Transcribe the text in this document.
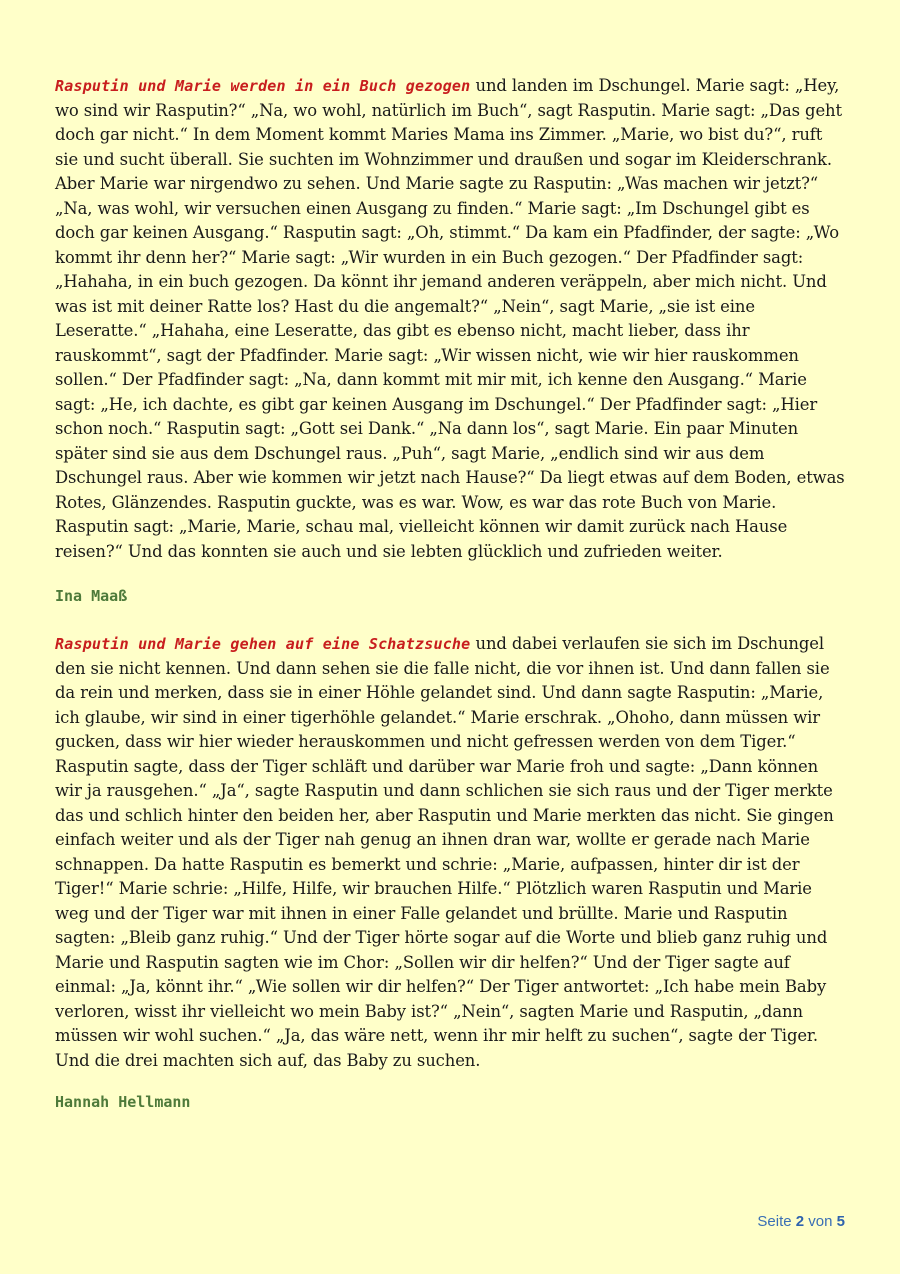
Rasputin und Marie werden in ein Buch gezogen und landen im Dschungel. Marie sagt: „Hey, wo sind wir Rasputin?“ „Na, wo wohl, natürlich im Buch“, sagt Rasputin. Marie sagt: „Das geht doch gar nicht.“ In dem Moment kommt Maries Mama ins Zimmer. „Marie, wo bist du?“, ruft sie und sucht überall. Sie suchten im Wohnzimmer und draußen und sogar im Kleiderschrank. Aber Marie war nirgendwo zu sehen. Und Marie sagte zu Rasputin: „Was machen wir jetzt?“ „Na, was wohl, wir versuchen einen Ausgang zu finden.“ Marie sagt: „Im Dschungel gibt es doch gar keinen Ausgang.“ Rasputin sagt: „Oh, stimmt.“ Da kam ein Pfadfinder, der sagte: „Wo kommt ihr denn her?“ Marie sagt: „Wir wurden in ein Buch gezogen.“ Der Pfadfinder sagt: „Hahaha, in ein buch gezogen. Da könnt ihr jemand anderen veräppeln, aber mich nicht. Und was ist mit deiner Ratte los? Hast du die angemalt?“ „Nein“, sagt Marie, „sie ist eine Leseratte.“ „Hahaha, eine Leseratte, das gibt es ebenso nicht, macht lieber, dass ihr rauskommt“, sagt der Pfadfinder. Marie sagt: „Wir wissen nicht, wie wir hier rauskommen sollen.“ Der Pfadfinder sagt: „Na, dann kommt mit mir mit, ich kenne den Ausgang.“ Marie sagt: „He, ich dachte, es gibt gar keinen Ausgang im Dschungel.“ Der Pfadfinder sagt: „Hier schon noch.“ Rasputin sagt: „Gott sei Dank.“ „Na dann los“, sagt Marie. Ein paar Minuten später sind sie aus dem Dschungel raus. „Puh“, sagt Marie, „endlich sind wir aus dem Dschungel raus. Aber wie kommen wir jetzt nach Hause?“ Da liegt etwas auf dem Boden, etwas Rotes, Glänzendes. Rasputin guckte, was es war. Wow, es war das rote Buch von Marie. Rasputin sagt: „Marie, Marie, schau mal, vielleicht können wir damit zurück nach Hause reisen?“ Und das konnten sie auch und sie lebten glücklich und zufrieden weiter.

Ina Maaß

Rasputin und Marie gehen auf eine Schatzsuche und dabei verlaufen sie sich im Dschungel den sie nicht kennen. Und dann sehen sie die falle nicht, die vor ihnen ist. Und dann fallen sie da rein und merken, dass sie in einer Höhle gelandet sind. Und dann sagte Rasputin: „Marie, ich glaube, wir sind in einer tigerhöhle gelandet.“ Marie erschrak. „Ohoho, dann müssen wir gucken, dass wir hier wieder herauskommen und nicht gefressen werden von dem Tiger.“ Rasputin sagte, dass der Tiger schläft und darüber war Marie froh und sagte: „Dann können wir ja rausgehen.“ „Ja“, sagte Rasputin und dann schlichen sie sich raus und der Tiger merkte das und schlich hinter den beiden her, aber Rasputin und Marie merkten das nicht. Sie gingen einfach weiter und als der Tiger nah genug an ihnen dran war, wollte er gerade nach Marie schnappen. Da hatte Rasputin es bemerkt und schrie: „Marie, aufpassen, hinter dir ist der Tiger!“ Marie schrie: „Hilfe, Hilfe, wir brauchen Hilfe.“ Plötzlich waren Rasputin und Marie weg und der Tiger war mit ihnen in einer Falle gelandet und brüllte. Marie und Rasputin sagten: „Bleib ganz ruhig.“ Und der Tiger hörte sogar auf die Worte und blieb ganz ruhig und Marie und Rasputin sagten wie im Chor: „Sollen wir dir helfen?“ Und der Tiger sagte auf einmal: „Ja, könnt ihr.“ „Wie sollen wir dir helfen?“ Der Tiger antwortet: „Ich habe mein Baby verloren, wisst ihr vielleicht wo mein Baby ist?“ „Nein“, sagten Marie und Rasputin, „dann müssen wir wohl suchen.“ „Ja, das wäre nett, wenn ihr mir helft zu suchen“, sagte der Tiger. Und die drei machten sich auf, das Baby zu suchen.

Hannah Hellmann

Seite 2 von 5
